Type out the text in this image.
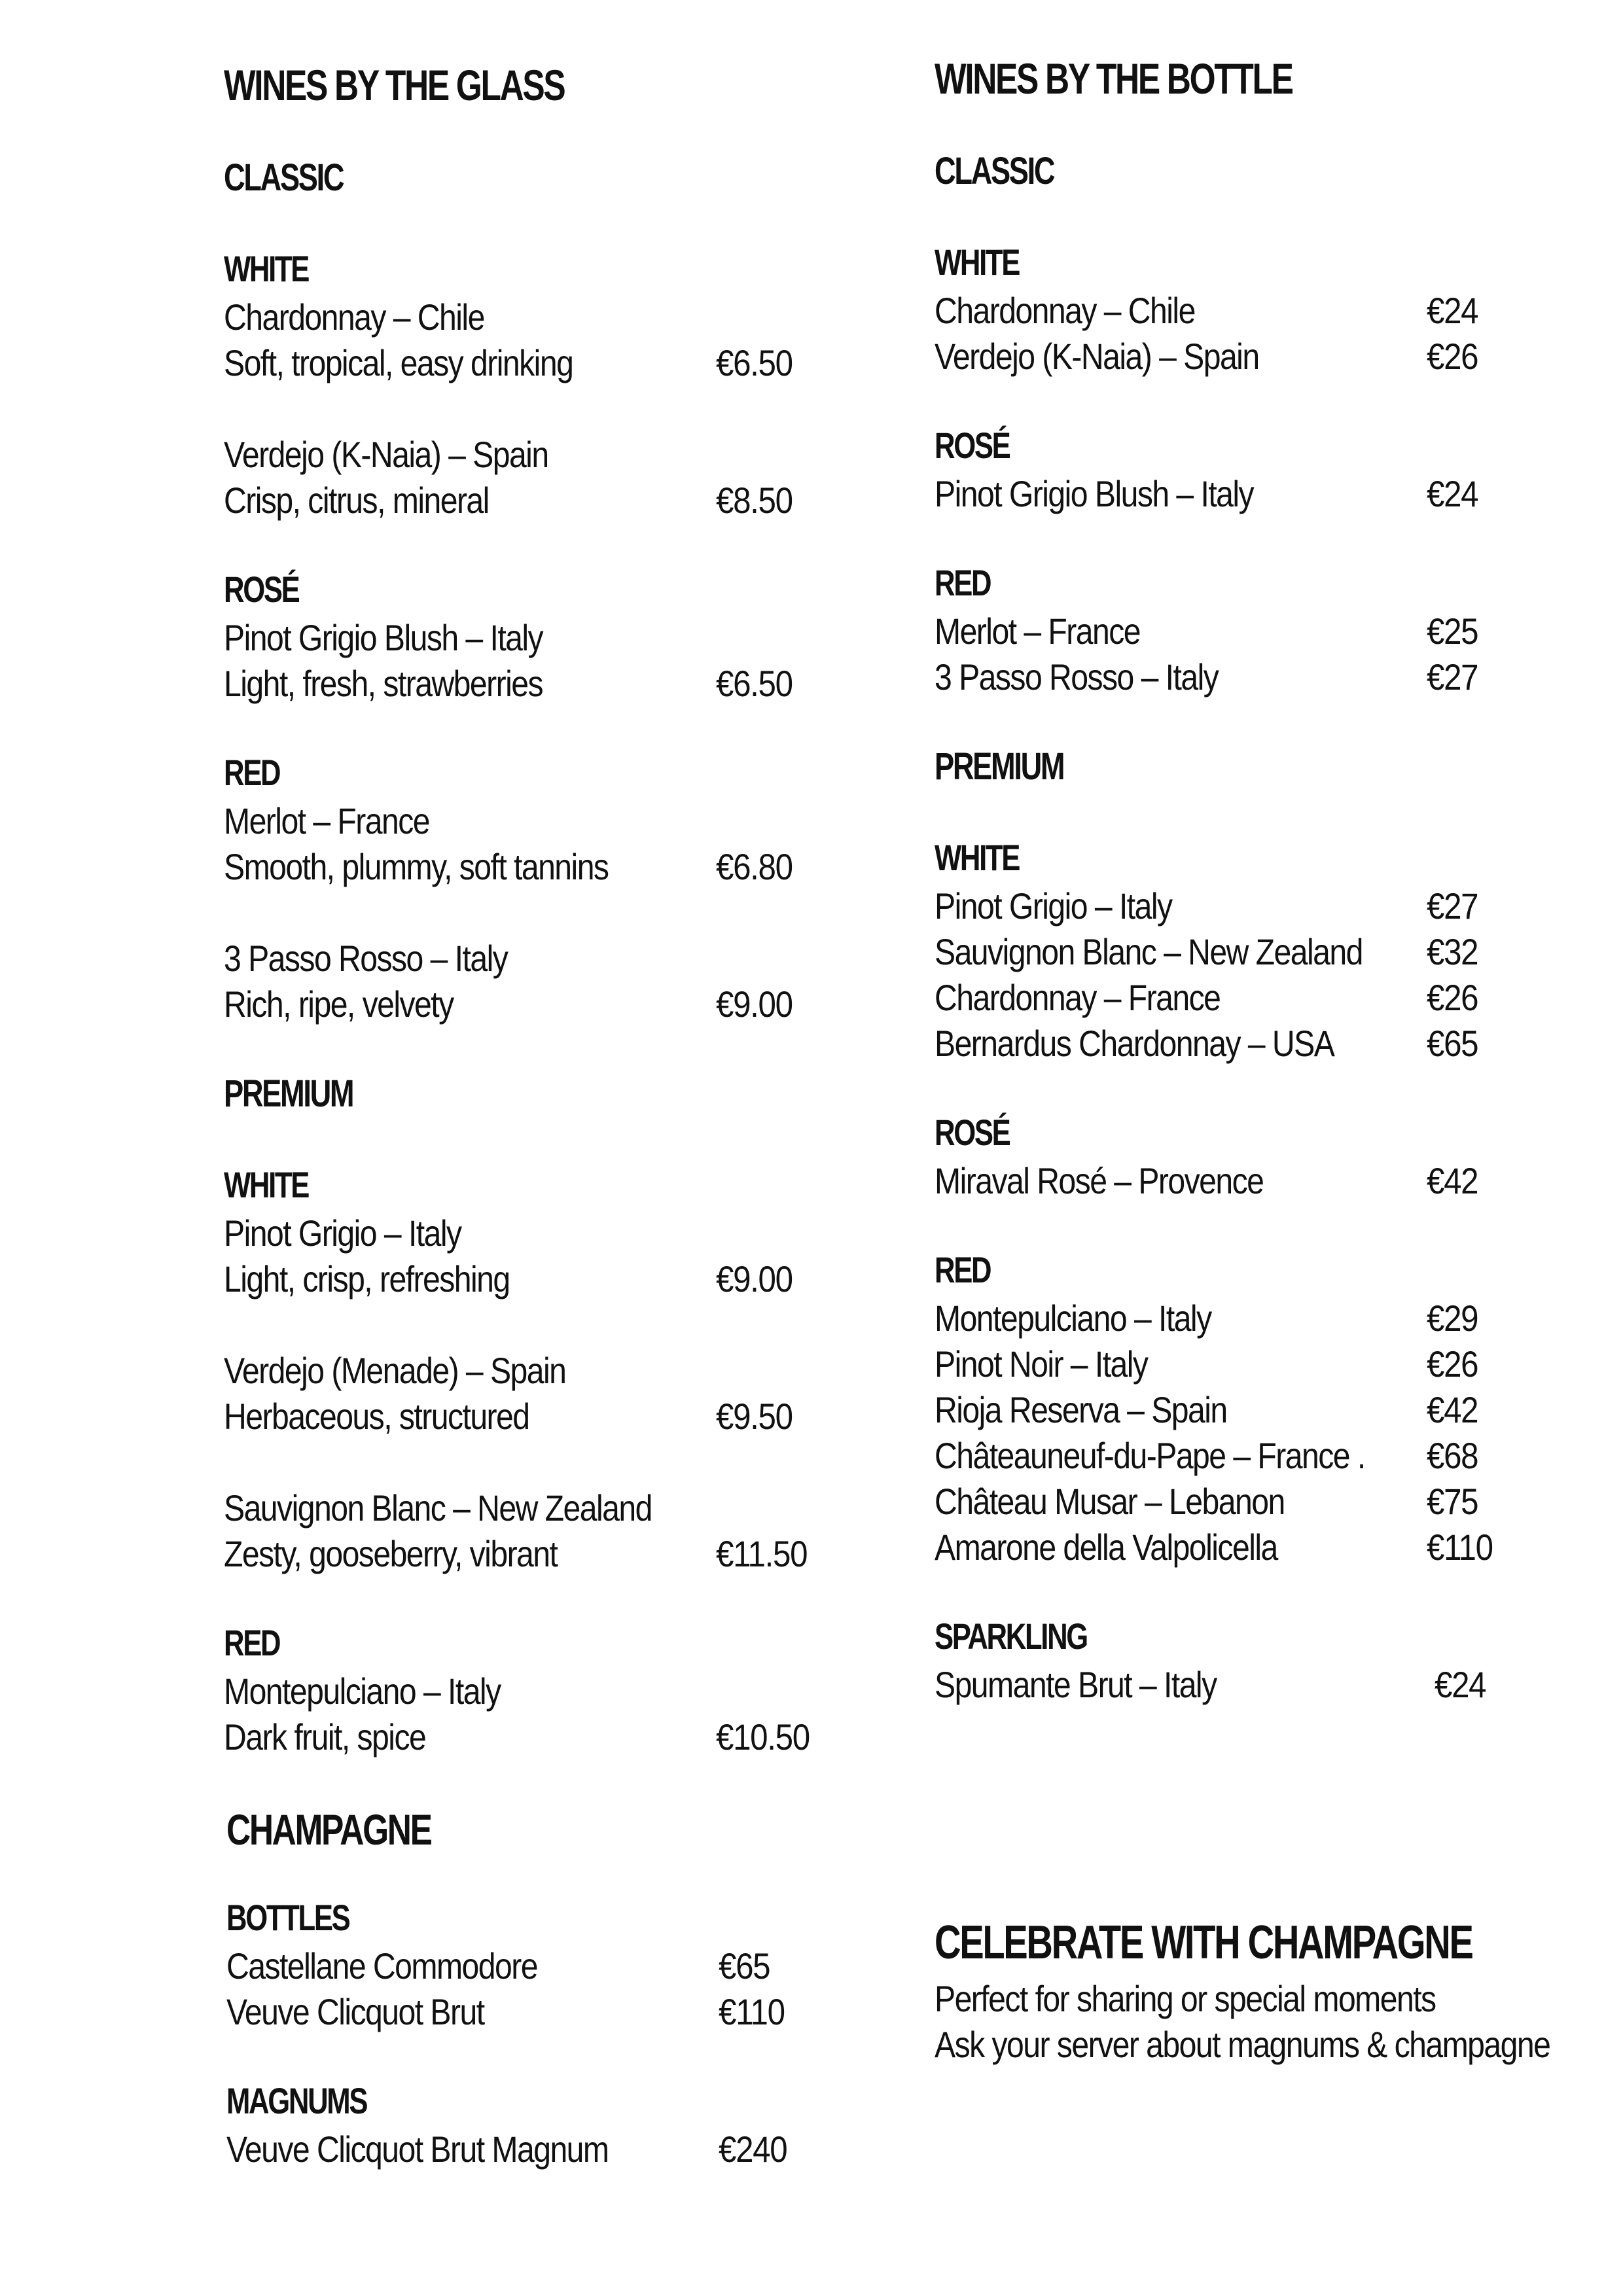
WINES BY THE GLASS
CLASSIC
WHITE
Chardonnay – Chile
Soft, tropical, easy drinking	€6.50
Verdejo (K-Naia) – Spain
Crisp, citrus, mineral	€8.50
ROSÉ
Pinot Grigio Blush – Italy
Light, fresh, strawberries	€6.50
RED
Merlot – France
Smooth, plummy, soft tannins	€6.80
3 Passo Rosso – Italy
Rich, ripe, velvety	€9.00
PREMIUM
WHITE
Pinot Grigio – Italy
Light, crisp, refreshing	€9.00
Verdejo (Menade) – Spain
Herbaceous, structured	€9.50
Sauvignon Blanc – New Zealand
Zesty, gooseberry, vibrant	€11.50
RED
Montepulciano – Italy
Dark fruit, spice	€10.50
CHAMPAGNE
BOTTLES
Castellane Commodore	€65
Veuve Clicquot Brut	€110
MAGNUMS
Veuve Clicquot Brut Magnum	€240
WINES BY THE BOTTLE
CLASSIC
WHITE
Chardonnay – Chile	€24
Verdejo (K-Naia) – Spain	€26
ROSÉ
Pinot Grigio Blush – Italy	€24
RED
Merlot – France	€25
3 Passo Rosso – Italy	€27
PREMIUM
WHITE
Pinot Grigio – Italy	€27
Sauvignon Blanc – New Zealand €32
Chardonnay – France	€26
Bernardus Chardonnay – USA	€65
ROSÉ
Miraval Rosé – Provence	€42
RED
Montepulciano – Italy	€29
Pinot Noir – Italy	€26
Rioja Reserva – Spain	€42
Châteauneuf-du-Pape – France . €68
Château Musar – Lebanon	€75
Amarone della Valpolicella	€110
SPARKLING
Spumante Brut – Italy	€24
CELEBRATE WITH CHAMPAGNE
Perfect for sharing or special moments
Ask your server about magnums & champagne
